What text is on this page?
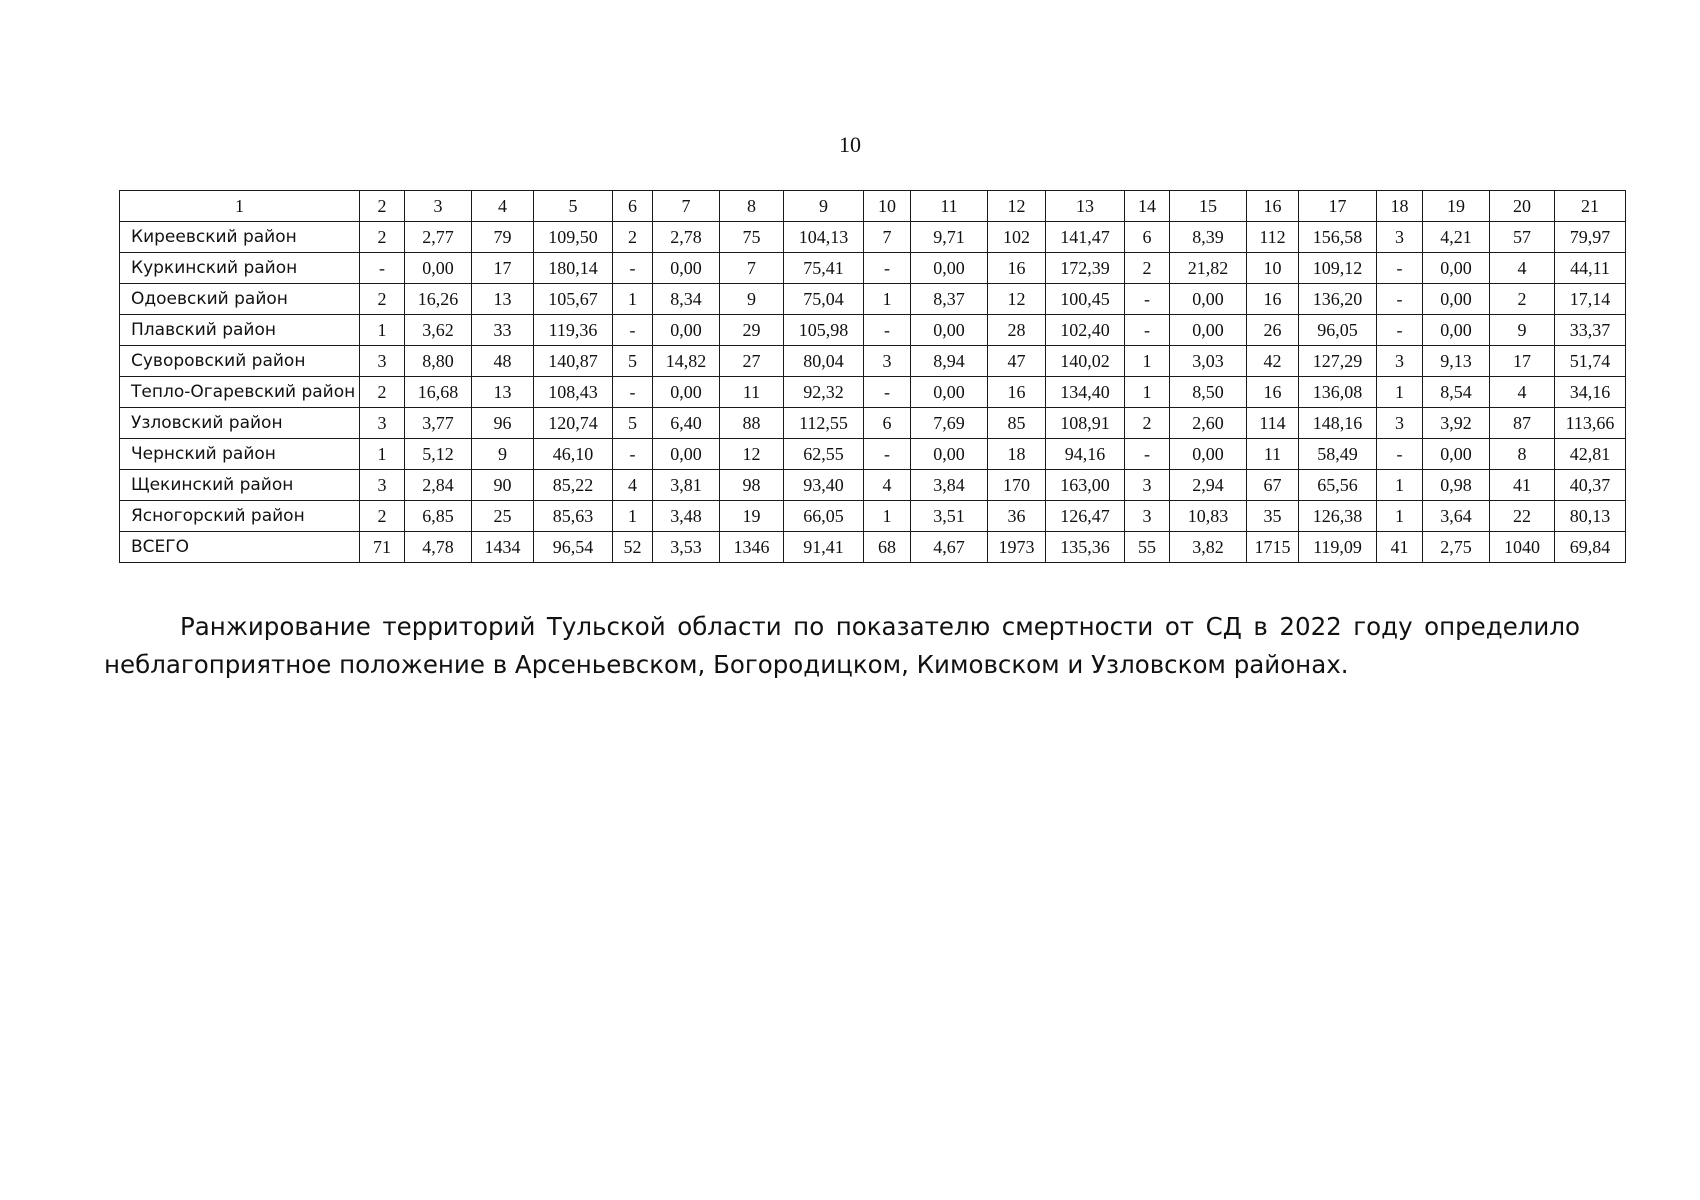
10
1	2	3	4	5	6	7	8	9	10	11	12	13	14	15	16	17	18	19	20	21
Киреевский район	2	2,77	79	109,50	2	2,78	75	104,13	7	9,71	102	141,47	6	8,39	112	156,58	3	4,21	57	79,97
Куркинский район	-	0,00	17	180,14	-	0,00	7	75,41	-	0,00	16	172,39	2	21,82	10	109,12	-	0,00	4	44,11
Одоевский район	2	16,26	13	105,67	1	8,34	9	75,04	1	8,37	12	100,45	-	0,00	16	136,20	-	0,00	2	17,14
Плавский район	1	3,62	33	119,36	-	0,00	29	105,98	-	0,00	28	102,40	-	0,00	26	96,05	-	0,00	9	33,37
Суворовский район	3	8,80	48	140,87	5	14,82	27	80,04	3	8,94	47	140,02	1	3,03	42	127,29	3	9,13	17	51,74
Тепло-Огаревский район	2	16,68	13	108,43	-	0,00	11	92,32	-	0,00	16	134,40	1	8,50	16	136,08	1	8,54	4	34,16
Узловский район	3	3,77	96	120,74	5	6,40	88	112,55	6	7,69	85	108,91	2	2,60	114	148,16	3	3,92	87	113,66
Чернский район	1	5,12	9	46,10	-	0,00	12	62,55	-	0,00	18	94,16	-	0,00	11	58,49	-	0,00	8	42,81
Щекинский район	3	2,84	90	85,22	4	3,81	98	93,40	4	3,84	170	163,00	3	2,94	67	65,56	1	0,98	41	40,37
Ясногорский район	2	6,85	25	85,63	1	3,48	19	66,05	1	3,51	36	126,47	3	10,83	35	126,38	1	3,64	22	80,13
ВСЕГО	71	4,78	1434	96,54	52	3,53	1346	91,41	68	4,67	1973	135,36	55	3,82	1715	119,09	41	2,75	1040	69,84
Ранжирование территорий Тульской области по показателю смертности от СД в 2022 году определило неблагоприятное положение в Арсеньевском, Богородицком, Кимовском и Узловском районах.
